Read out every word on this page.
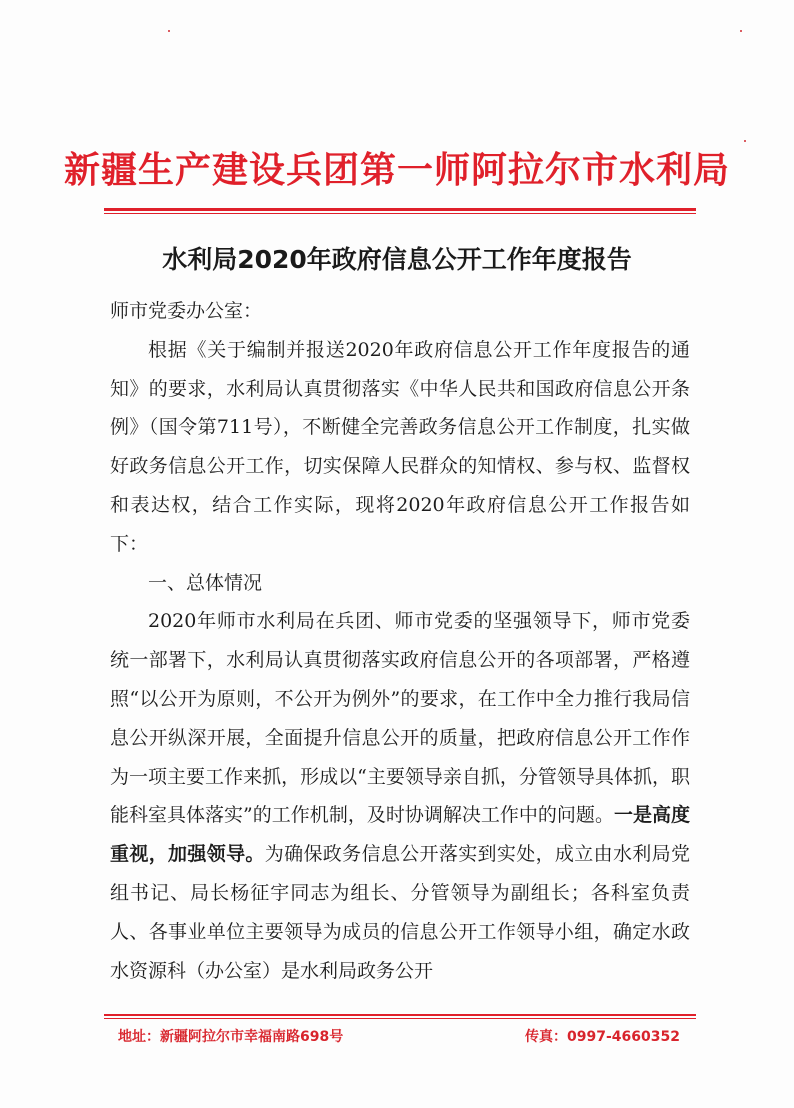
新疆生产建设兵团第一师阿拉尔市水利局
水利局2020年政府信息公开工作年度报告

师市党委办公室：

根据《关于编制并报送2020年政府信息公开工作年度报告的通知》的要求，水利局认真贯彻落实《中华人民共和国政府信息公开条例》（国令第711号），不断健全完善政务信息公开工作制度，扎实做好政务信息公开工作，切实保障人民群众的知情权、参与权、监督权和表达权，结合工作实际，现将2020年政府信息公开工作报告如下：

一、总体情况

2020年师市水利局在兵团、师市党委的坚强领导下，师市党委统一部署下，水利局认真贯彻落实政府信息公开的各项部署，严格遵照“以公开为原则，不公开为例外”的要求，在工作中全力推行我局信息公开纵深开展，全面提升信息公开的质量，把政府信息公开工作作为一项主要工作来抓，形成以“主要领导亲自抓，分管领导具体抓，职能科室具体落实”的工作机制，及时协调解决工作中的问题。一是高度重视，加强领导。为确保政务信息公开落实到实处，成立由水利局党组书记、局长杨征宇同志为组长、分管领导为副组长；各科室负责人、各事业单位主要领导为成员的信息公开工作领导小组，确定水政水资源科（办公室）是水利局政务公开

地址：新疆阿拉尔市幸福南路698号	传真：0997-4660352
